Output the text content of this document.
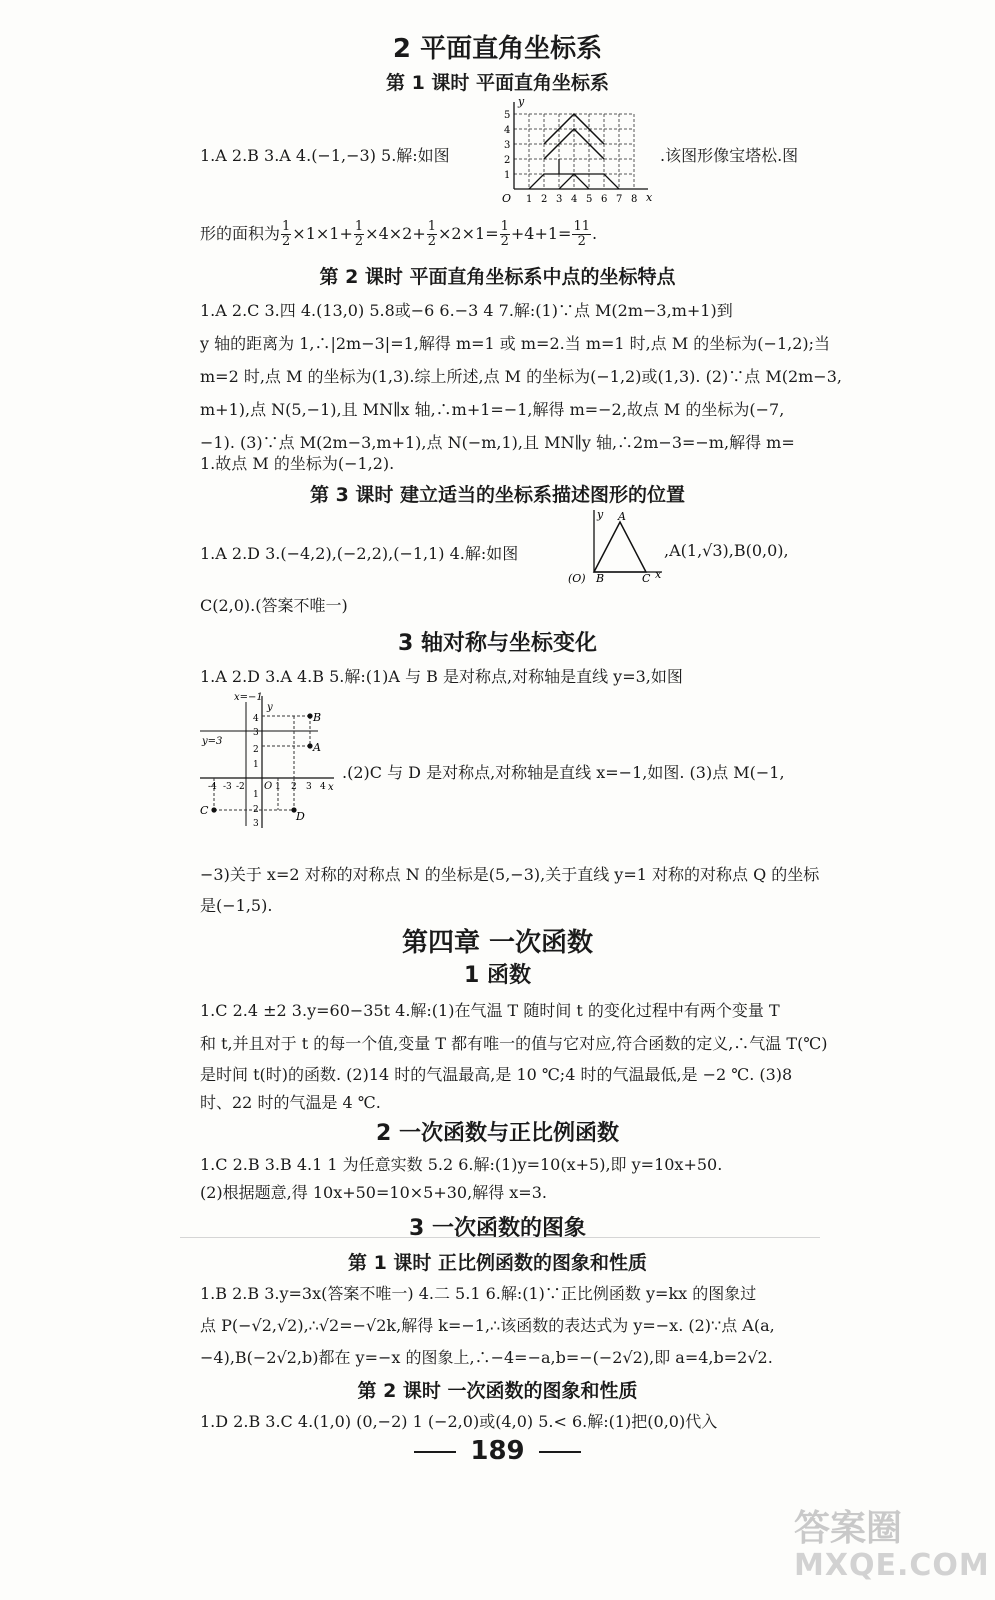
2 平面直角坐标系
第 1 课时 平面直角坐标系
1.A 2.B 3.A 4.(−1,−3) 5.解:如图
y
x
O 1 2 3 4 5 6 7 8
1
2
3
4
5
.该图形像宝塔松.图
形的面积为 $\frac{1}{2} \times 1\times 1+ \frac{1}{2} \times 4\times 2+ \frac{1}{2} \times 2\times 1= \frac{1}{2} +4+1= \frac{11}{2}$ .
第 2 课时 平面直角坐标系中点的坐标特点
1.A 2.C 3.四 4.(13,0) 5.8或−6 6.−3 4 7.解:(1)∵点 M(2m−3,m+1)到
y 轴的距离为 1,∴|2m−3|=1,解得 m=1 或 m=2.当 m=1 时,点 M 的坐标为(−1,2);当
m=2 时,点 M 的坐标为(1,3).综上所述,点 M 的坐标为(−1,2)或(1,3). (2)∵点 M(2m−3,
m+1),点 N(5,−1),且 MN∥x 轴,∴m+1=−1,解得 m=−2,故点 M 的坐标为(−7,
−1). (3)∵点 M(2m−3,m+1),点 N(−m,1),且 MN∥y 轴,∴2m−3=−m,解得 m=
1.故点 M 的坐标为(−1,2).
第 3 课时 建立适当的坐标系描述图形的位置
1.A 2.D 3.(−4,2),(−2,2),(−1,1) 4.解:如图
y A
B	C
(O)	x
,A(1,√3),B(0,0),
C(2,0).(答案不唯一)
3 轴对称与坐标变化
1.A 2.D 3.A 4.B 5.解:(1)A 与 B 是对称点,对称轴是直线 y=3,如图
x=−1
y=3
y
x
O
A
B
C	D
-4 -3 -2	1 2 3 4
1
2
3
4
1
2
3
.(2)C 与 D 是对称点,对称轴是直线 x=−1,如图. (3)点 M(−1,
−3)关于 x=2 对称的对称点 N 的坐标是(5,−3),关于直线 y=1 对称的对称点 Q 的坐标
是(−1,5).
第四章 一次函数
1 函数
1.C 2.4 ±2 3.y=60−35t 4.解:(1)在气温 T 随时间 t 的变化过程中有两个变量 T
和 t,并且对于 t 的每一个值,变量 T 都有唯一的值与它对应,符合函数的定义,∴气温 T(℃)
是时间 t(时)的函数. (2)14 时的气温最高,是 10 ℃;4 时的气温最低,是 −2 ℃. (3)8
时、22 时的气温是 4 ℃.
2 一次函数与正比例函数
1.C 2.B 3.B 4.1 1 为任意实数 5.2 6.解:(1)y=10(x+5),即 y=10x+50.
(2)根据题意,得 10x+50=10×5+30,解得 x=3.
3 一次函数的图象
第 1 课时 正比例函数的图象和性质
1.B 2.B 3.y=3x(答案不唯一) 4.二 5.1 6.解:(1)∵正比例函数 y=kx 的图象过
点 P(−√2,√2),∴√2=−√2k,解得 k=−1,∴该函数的表达式为 y=−x. (2)∵点 A(a,
−4),B(−2√2,b)都在 y=−x 的图象上,∴−4=−a,b=−(−2√2),即 a=4,b=2√2.
第 2 课时 一次函数的图象和性质
1.D 2.B 3.C 4.(1,0) (0,−2) 1 (−2,0)或(4,0) 5.< 6.解:(1)把(0,0)代入
189
答案圈
MXQE.COM
